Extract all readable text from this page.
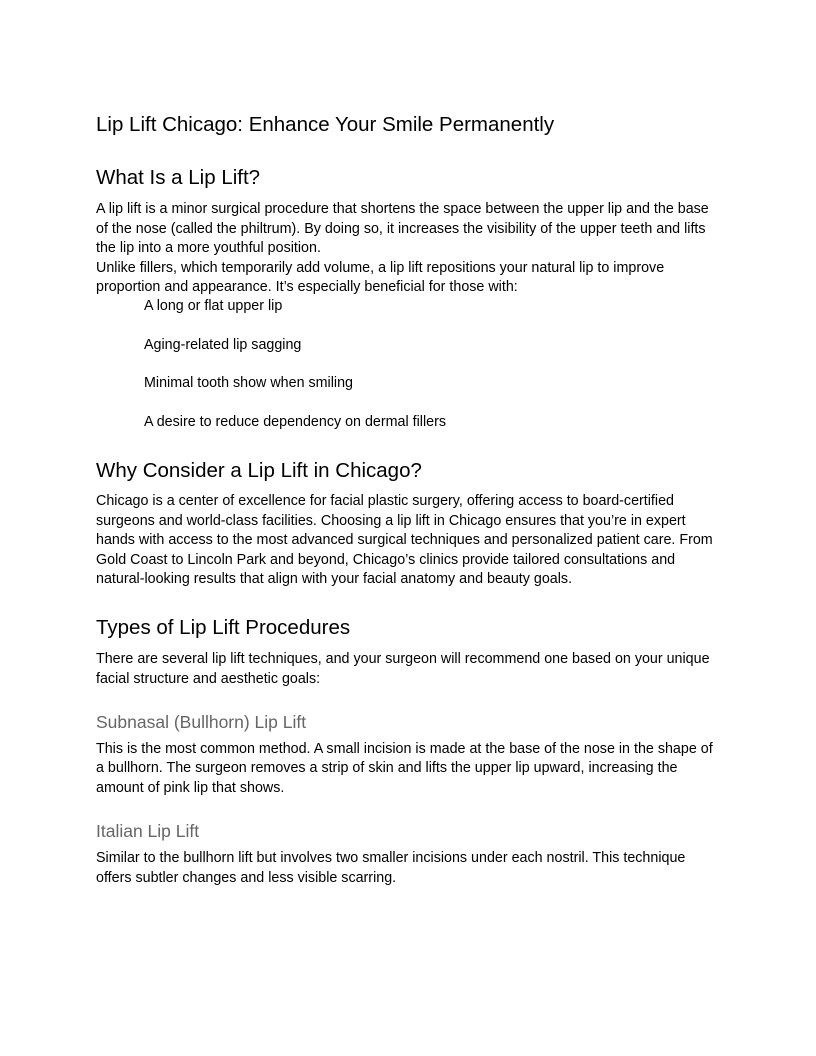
Lip Lift Chicago: Enhance Your Smile Permanently
What Is a Lip Lift?

A lip lift is a minor surgical procedure that shortens the space between the upper lip and the base of the nose (called the philtrum). By doing so, it increases the visibility of the upper teeth and lifts the lip into a more youthful position.

Unlike fillers, which temporarily add volume, a lip lift repositions your natural lip to improve proportion and appearance. It’s especially beneficial for those with:

A long or flat upper lip
Aging-related lip sagging
Minimal tooth show when smiling
A desire to reduce dependency on dermal fillers
Why Consider a Lip Lift in Chicago?

Chicago is a center of excellence for facial plastic surgery, offering access to board-certified surgeons and world-class facilities. Choosing a lip lift in Chicago ensures that you’re in expert hands with access to the most advanced surgical techniques and personalized patient care. From Gold Coast to Lincoln Park and beyond, Chicago’s clinics provide tailored consultations and natural-looking results that align with your facial anatomy and beauty goals.

Types of Lip Lift Procedures

There are several lip lift techniques, and your surgeon will recommend one based on your unique facial structure and aesthetic goals:

Subnasal (Bullhorn) Lip Lift

This is the most common method. A small incision is made at the base of the nose in the shape of a bullhorn. The surgeon removes a strip of skin and lifts the upper lip upward, increasing the amount of pink lip that shows.

Italian Lip Lift

Similar to the bullhorn lift but involves two smaller incisions under each nostril. This technique offers subtler changes and less visible scarring.
